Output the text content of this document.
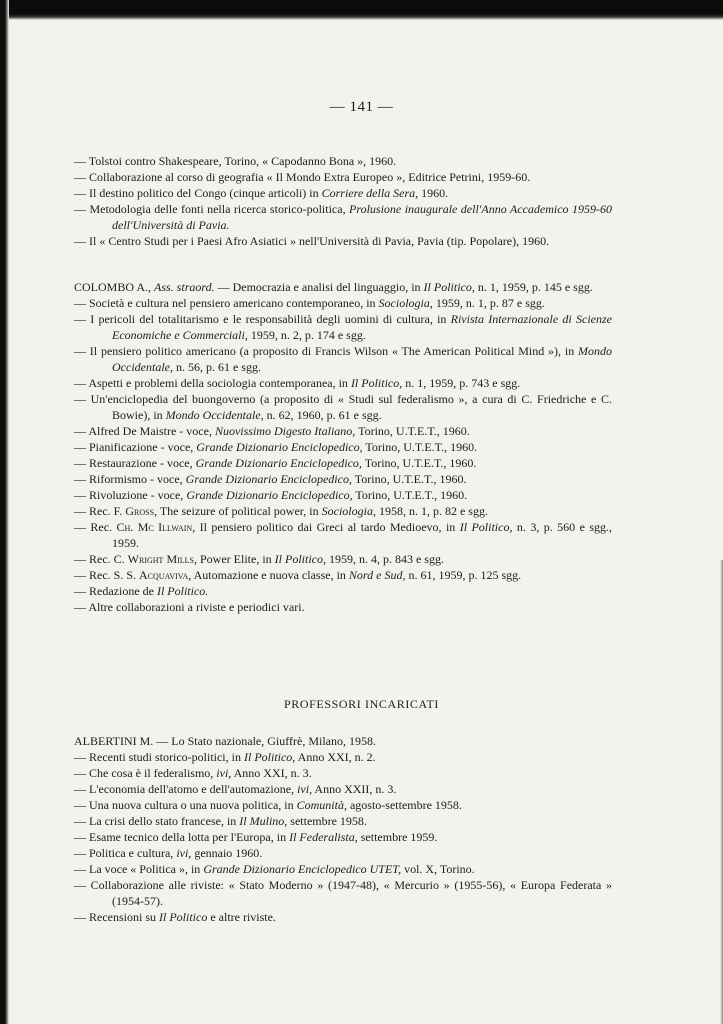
— 141 —

— Tolstoi contro Shakespeare, Torino, « Capodanno Bona », 1960.

— Collaborazione al corso di geografia « Il Mondo Extra Europeo », Editrice Petrini, 1959-60.

— Il destino politico del Congo (cinque articoli) in Corriere della Sera, 1960.

— Metodologia delle fonti nella ricerca storico-politica, Prolusione inaugurale dell'Anno Accademico 1959-60 dell'Università di Pavia.

— Il « Centro Studi per i Paesi Afro Asiatici » nell'Università di Pavia, Pavia (tip. Popolare), 1960.

COLOMBO A., Ass. straord. — Democrazia e analisi del linguaggio, in Il Politico, n. 1, 1959, p. 145 e sgg.

— Società e cultura nel pensiero americano contemporaneo, in Sociologia, 1959, n. 1, p. 87 e sgg.

— I pericoli del totalitarismo e le responsabilità degli uomini di cultura, in Rivista Internazionale di Scienze Economiche e Commerciali, 1959, n. 2, p. 174 e sgg.

— Il pensiero politico americano (a proposito di Francis Wilson « The American Political Mind »), in Mondo Occidentale, n. 56, p. 61 e sgg.

— Aspetti e problemi della sociologia contemporanea, in Il Politico, n. 1, 1959, p. 743 e sgg.

— Un'enciclopedia del buongoverno (a proposito di « Studi sul federalismo », a cura di C. Friedriche e C. Bowie), in Mondo Occidentale, n. 62, 1960, p. 61 e sgg.

— Alfred De Maistre - voce, Nuovissimo Digesto Italiano, Torino, U.T.E.T., 1960.

— Pianificazione - voce, Grande Dizionario Enciclopedico, Torino, U.T.E.T., 1960.

— Restaurazione - voce, Grande Dizionario Enciclopedico, Torino, U.T.E.T., 1960.

— Riformismo - voce, Grande Dizionario Enciclopedico, Torino, U.T.E.T., 1960.

— Rivoluzione - voce, Grande Dizionario Enciclopedico, Torino, U.T.E.T., 1960.

— Rec. F. Gross, The seizure of political power, in Sociologia, 1958, n. 1, p. 82 e sgg.

— Rec. Ch. Mc Illwain, Il pensiero politico dai Greci al tardo Medioevo, in Il Politico, n. 3, p. 560 e sgg., 1959.

— Rec. C. Wright Mills, Power Elite, in Il Politico, 1959, n. 4, p. 843 e sgg.

— Rec. S. S. Acquaviva, Automazione e nuova classe, in Nord e Sud, n. 61, 1959, p. 125 sgg.

— Redazione de Il Politico.

— Altre collaborazioni a riviste e periodici vari.

PROFESSORI INCARICATI

ALBERTINI M. — Lo Stato nazionale, Giuffrè, Milano, 1958.

— Recenti studi storico-politici, in Il Politico, Anno XXI, n. 2.

— Che cosa è il federalismo, ivi, Anno XXI, n. 3.

— L'economia dell'atomo e dell'automazione, ivi, Anno XXII, n. 3.

— Una nuova cultura o una nuova politica, in Comunità, agosto-settembre 1958.

— La crisi dello stato francese, in Il Mulino, settembre 1958.

— Esame tecnico della lotta per l'Europa, in Il Federalista, settembre 1959.

— Politica e cultura, ivi, gennaio 1960.

— La voce « Politica », in Grande Dizionario Enciclopedico UTET, vol. X, Torino.

— Collaborazione alle riviste: « Stato Moderno » (1947-48), « Mercurio » (1955-56), « Europa Federata » (1954-57).

— Recensioni su Il Politico e altre riviste.
